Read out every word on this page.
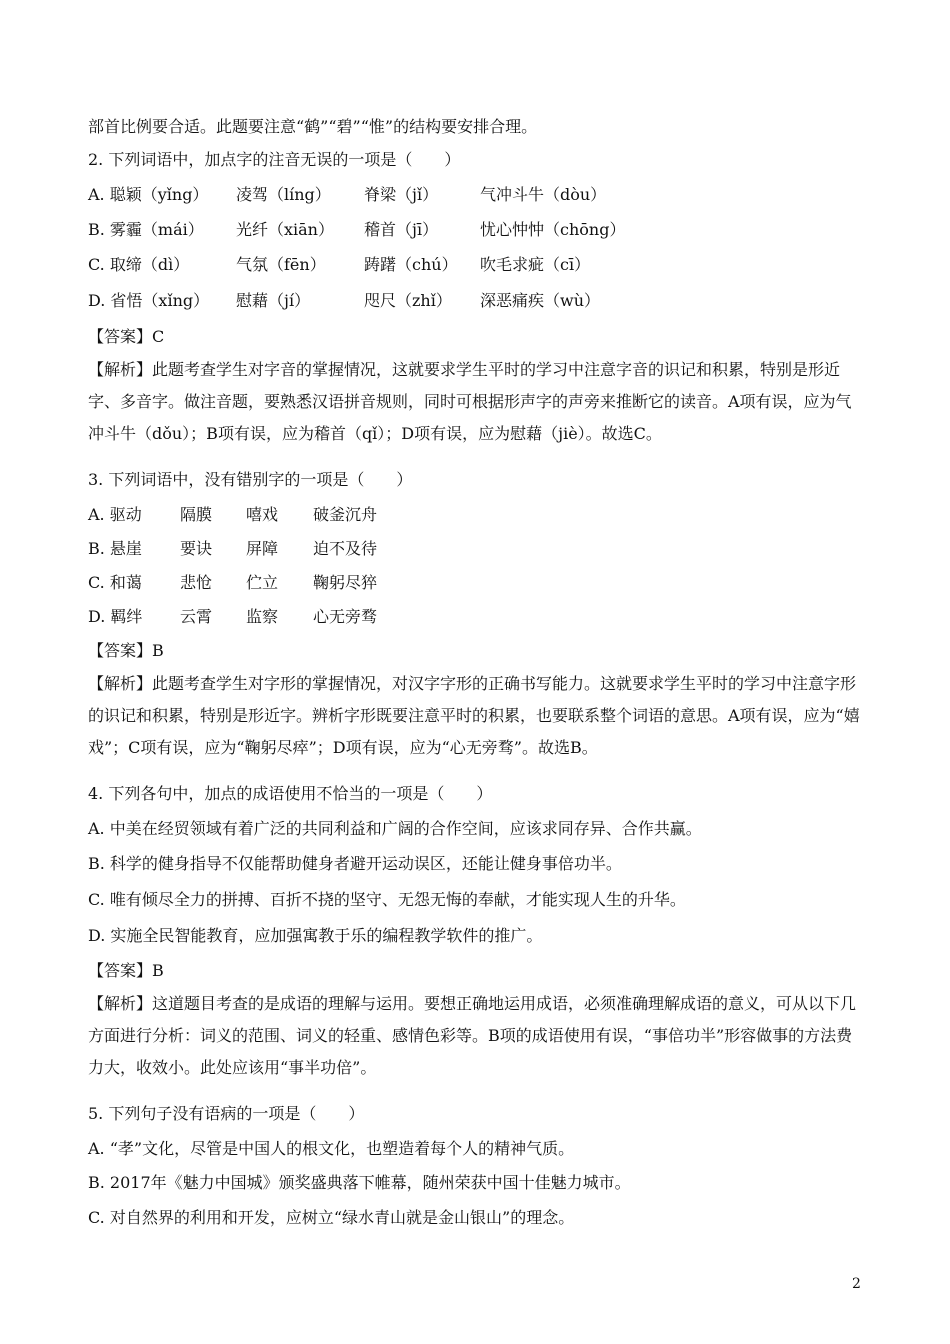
部首比例要合适。此题要注意“鹤”“碧”“惟”的结构要安排合理。
2. 下列词语中，加点字的注音无误的一项是（　　）
A. 聪颖（yǐng） 凌驾（líng） 脊梁（jǐ）	气冲斗牛（dòu）
B. 雾霾（mái） 光纤（xiān） 稽首（jī）	忧心忡忡（chōng）
C. 取缔（dì）	气氛（fēn） 踌躇（chú） 吹毛求疵（cī）
D. 省悟（xǐng） 慰藉（jí）	咫尺（zhǐ） 深恶痛疾（wù）
【答案】C
【解析】此题考查学生对字音的掌握情况，这就要求学生平时的学习中注意字音的识记和积累，特别是形近字、多音字。做注音题，要熟悉汉语拼音规则，同时可根据形声字的声旁来推断它的读音。A项有误，应为气冲斗牛（dǒu）；B项有误，应为稽首（qǐ）；D项有误，应为慰藉（jiè）。故选C。
3. 下列词语中，没有错别字的一项是（　　）
A. 驱动 隔膜 嘻戏 破釜沉舟
B. 悬崖 要诀 屏障 迫不及待
C. 和蔼 悲怆 伫立 鞠躬尽猝
D. 羁绊 云霄 监察 心无旁骛
【答案】B
【解析】此题考查学生对字形的掌握情况，对汉字字形的正确书写能力。这就要求学生平时的学习中注意字形的识记和积累，特别是形近字。辨析字形既要注意平时的积累，也要联系整个词语的意思。A项有误，应为“嬉戏”；C项有误，应为“鞠躬尽瘁”；D项有误，应为“心无旁骛”。故选B。
4. 下列各句中，加点的成语使用不恰当的一项是（　　）
A. 中美在经贸领域有着广泛的共同利益和广阔的合作空间，应该求同存异、合作共赢。
B. 科学的健身指导不仅能帮助健身者避开运动误区，还能让健身事倍功半。
C. 唯有倾尽全力的拼搏、百折不挠的坚守、无怨无悔的奉献，才能实现人生的升华。
D. 实施全民智能教育，应加强寓教于乐的编程教学软件的推广。
【答案】B
【解析】这道题目考查的是成语的理解与运用。要想正确地运用成语，必须准确理解成语的意义，可从以下几方面进行分析：词义的范围、词义的轻重、感情色彩等。B项的成语使用有误，“事倍功半”形容做事的方法费力大，收效小。此处应该用“事半功倍”。
5. 下列句子没有语病的一项是（　　）
A. “孝”文化，尽管是中国人的根文化，也塑造着每个人的精神气质。
B. 2017年《魅力中国城》颁奖盛典落下帷幕，随州荣获中国十佳魅力城市。
C. 对自然界的利用和开发，应树立“绿水青山就是金山银山”的理念。
2
